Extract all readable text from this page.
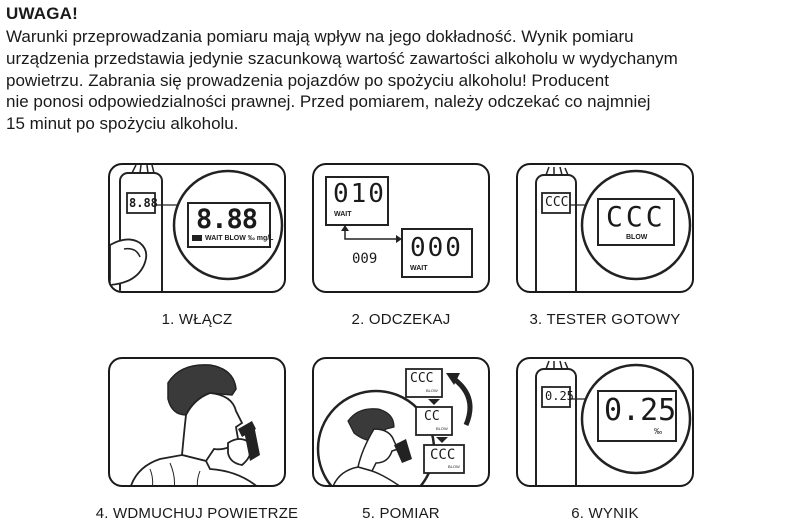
UWAGA!
Warunki przeprowadzania pomiaru mają wpływ na jego dokładność. Wynik pomiaru
urządzenia przedstawia jedynie szacunkową wartość zawartości alkoholu w wydychanym
powietrzu. Zabrania się prowadzenia pojazdów po spożyciu alkoholu! Producent
nie ponosi odpowiedzialności prawnej. Przed pomiarem, należy odczekać co najmniej
15 minut po spożyciu alkoholu.
8.88
8.88
WAIT BLOW ‰ mg/L
1. WŁĄCZ
010
WAIT
009 000
WAIT
2. ODCZEKAJ
CCC CCC
BLOW
3. TESTER GOTOWY
4. WDMUCHUJ POWIETRZE
CCC
BLOW
CC
BLOW
CCC
BLOW
5. POMIAR
0.25 0.25
‰
6. WYNIK
